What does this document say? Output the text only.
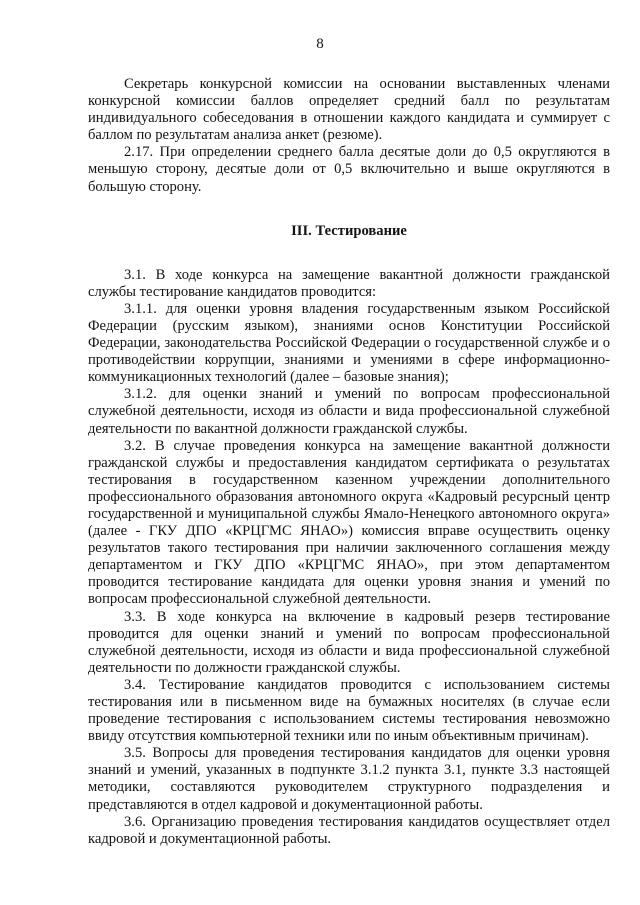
8

Секретарь конкурсной комиссии на основании выставленных членами конкурсной комиссии баллов определяет средний балл по результатам индивидуального собеседования в отношении каждого кандидата и суммирует с баллом по результатам анализа анкет (резюме).

2.17. При определении среднего балла десятые доли до 0,5 округляются в меньшую сторону, десятые доли от 0,5 включительно и выше округляются в большую сторону.

III. Тестирование

3.1. В ходе конкурса на замещение вакантной должности гражданской службы тестирование кандидатов проводится:

3.1.1. для оценки уровня владения государственным языком Российской Федерации (русским языком), знаниями основ Конституции Российской Федерации, законодательства Российской Федерации о государственной службе и о противодействии коррупции, знаниями и умениями в сфере информационно-коммуникационных технологий (далее – базовые знания);

3.1.2. для оценки знаний и умений по вопросам профессиональной служебной деятельности, исходя из области и вида профессиональной служебной деятельности по вакантной должности гражданской службы.

3.2. В случае проведения конкурса на замещение вакантной должности гражданской службы и предоставления кандидатом сертификата о результатах тестирования в государственном казенном учреждении дополнительного профессионального образования автономного округа «Кадровый ресурсный центр государственной и муниципальной службы Ямало-Ненецкого автономного округа» (далее - ГКУ ДПО «КРЦГМС ЯНАО») комиссия вправе осуществить оценку результатов такого тестирования при наличии заключенного соглашения между департаментом и ГКУ ДПО «КРЦГМС ЯНАО», при этом департаментом проводится тестирование кандидата для оценки уровня знания и умений по вопросам профессиональной служебной деятельности.

3.3. В ходе конкурса на включение в кадровый резерв тестирование проводится для оценки знаний и умений по вопросам профессиональной служебной деятельности, исходя из области и вида профессиональной служебной деятельности по должности гражданской службы.

3.4. Тестирование кандидатов проводится с использованием системы тестирования или в письменном виде на бумажных носителях (в случае если проведение тестирования с использованием системы тестирования невозможно ввиду отсутствия компьютерной техники или по иным объективным причинам).

3.5. Вопросы для проведения тестирования кандидатов для оценки уровня знаний и умений, указанных в подпункте 3.1.2 пункта 3.1, пункте 3.3 настоящей методики, составляются руководителем структурного подразделения и представляются в отдел кадровой и документационной работы.

3.6. Организацию проведения тестирования кандидатов осуществляет отдел кадровой и документационной работы.
